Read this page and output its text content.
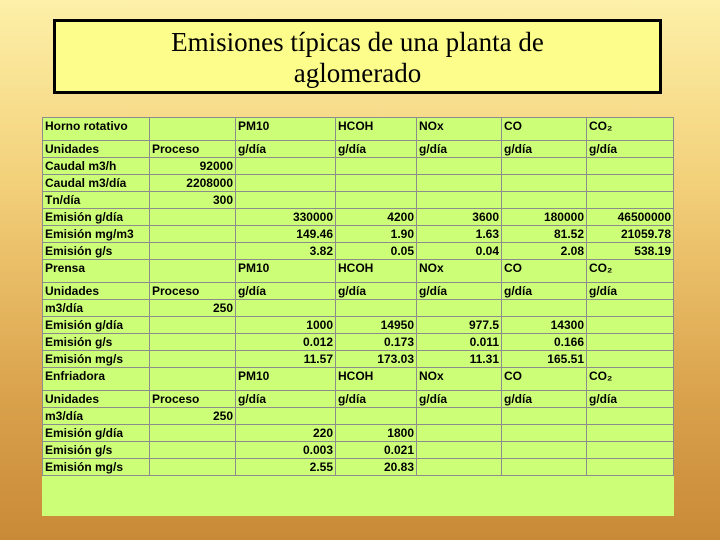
Emisiones típicas de una planta de
aglomerado
Horno rotativo		PM10	HCOH	NOx	CO	CO₂
Unidades	Proceso	g/día	g/día	g/día	g/día	g/día
Caudal m3/h	92000					
Caudal m3/día	2208000					
Tn/día	300					
Emisión g/día		330000	4200	3600	180000	46500000
Emisión mg/m3		149.46	1.90	1.63	81.52	21059.78
Emisión g/s		3.82	0.05	0.04	2.08	538.19
Prensa		PM10	HCOH	NOx	CO	CO₂
Unidades	Proceso	g/día	g/día	g/día	g/día	g/día
m3/día	250					
Emisión g/día		1000	14950	977.5	14300	
Emisión g/s		0.012	0.173	0.011	0.166	
Emisión mg/s		11.57	173.03	11.31	165.51	
Enfriadora		PM10	HCOH	NOx	CO	CO₂
Unidades	Proceso	g/día	g/día	g/día	g/día	g/día
m3/día	250					
Emisión g/día		220	1800			
Emisión g/s		0.003	0.021			
Emisión mg/s		2.55	20.83			
